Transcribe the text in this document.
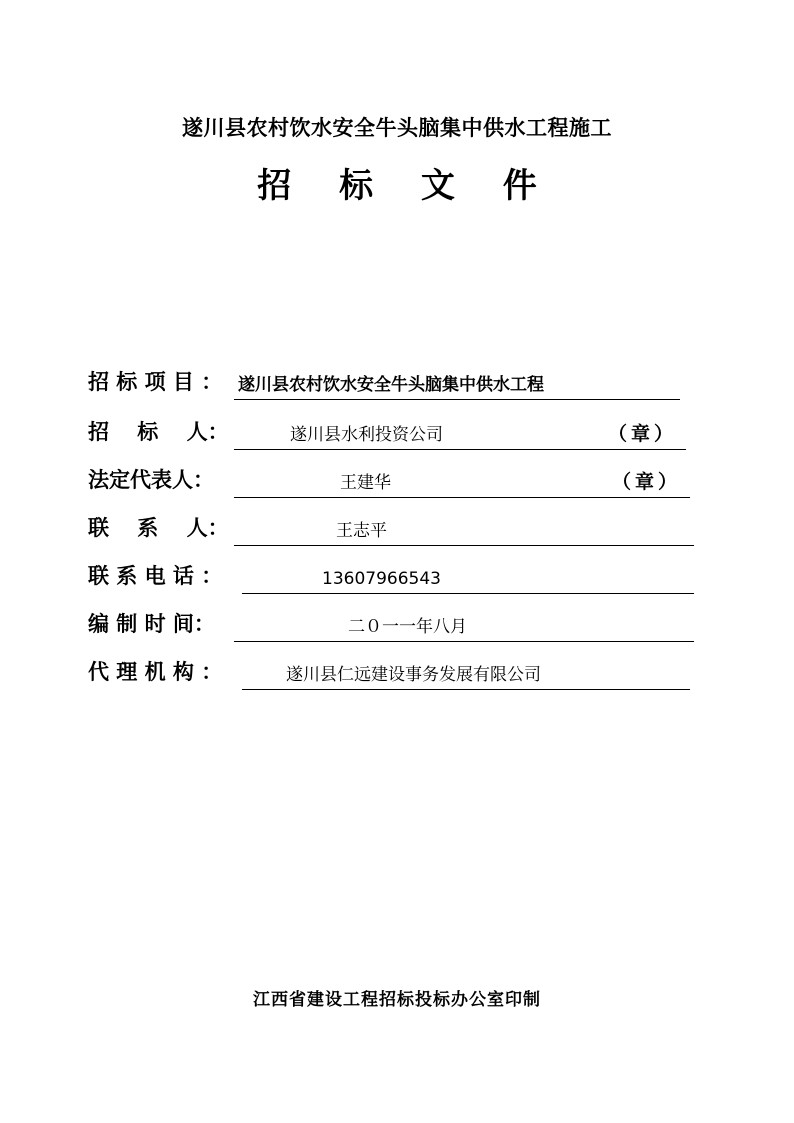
遂川县农村饮水安全牛头脑集中供水工程施工
招 标 文 件
招 标 项 目 ： 遂川县农村饮水安全牛头脑集中供水工程
招　 标　 人：	遂川县水利投资公司	（章）
法定代表人：	王建华	（章）
联　 系　 人：	王志平
联 系 电 话 ：	13607966543
编 制 时 间：	二０一一年八月
代 理 机 构 ：	遂川县仁远建设事务发展有限公司
江西省建设工程招标投标办公室印制
